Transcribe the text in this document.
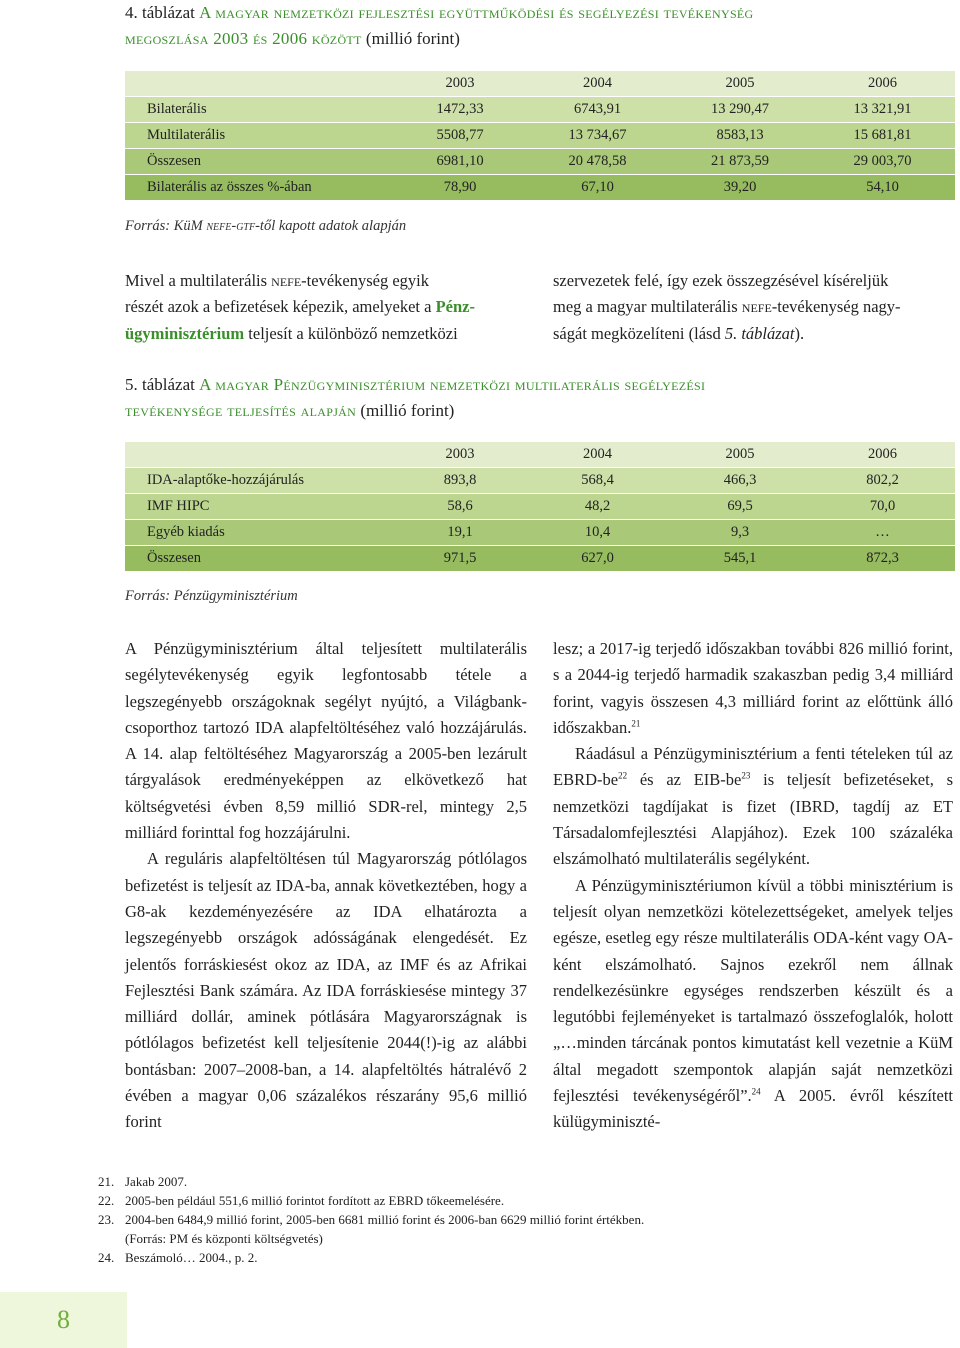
4. táblázat A magyar nemzetközi fejlesztési együttműködési és segélyezési tevékenység
megoszlása 2003 és 2006 között (millió forint)
	2003	2004	2005	2006
Bilaterális	1472,33	6743,91	13 290,47	13 321,91
Multilaterális	5508,77	13 734,67	8583,13	15 681,81
Összesen	6981,10	20 478,58	21 873,59	29 003,70
Bilaterális az összes %-ában	78,90	67,10	39,20	54,10
Forrás: KüM nefe-gtf-től kapott adatok alapján
Mivel a multilaterális nefe-tevékenység egyik
részét azok a befizetések képezik, amelyeket a Pénz-
ügyminisztérium teljesít a különböző nemzetközi
szervezetek felé, így ezek összegzésével kíséreljük
meg a magyar multilaterális nefe-tevékenység nagy-
ságát megközelíteni (lásd 5. táblázat).
5. táblázat A magyar Pénzügyminisztérium nemzetközi multilaterális segélyezési
tevékenysége teljesítés alapján (millió forint)
	2003	2004	2005	2006
IDA-alaptőke-hozzájárulás	893,8	568,4	466,3	802,2
IMF HIPC	58,6	48,2	69,5	70,0
Egyéb kiadás	19,1	10,4	9,3	…
Összesen	971,5	627,0	545,1	872,3
Forrás: Pénzügyminisztérium

A Pénzügyminisztérium által teljesített multilaterális segélytevékenység egyik legfontosabb tétele a legszegényebb országoknak segélyt nyújtó, a Világbank-csoporthoz tartozó IDA alapfeltöltéséhez való hozzájárulás. A 14. alap feltöltéséhez Magyarország a 2005-ben lezárult tárgyalások eredményeképpen az elkövetkező hat költségvetési évben 8,59 millió SDR-rel, mintegy 2,5 milliárd forinttal fog hozzájárulni.

A reguláris alapfeltöltésen túl Magyarország pótlólagos befizetést is teljesít az IDA-ba, annak következtében, hogy a G8-ak kezdeményezésére az IDA elhatározta a legszegényebb országok adósságának elengedését. Ez jelentős forráskiesést okoz az IDA, az IMF és az Afrikai Fejlesztési Bank számára. Az IDA forráskiesése mintegy 37 milliárd dollár, aminek pótlására Magyarországnak is pótlólagos befizetést kell teljesítenie 2044(!)-ig az alábbi bontásban: 2007–2008-ban, a 14. alapfeltöltés hátralévő 2 évében a magyar 0,06 százalékos részarány 95,6 millió forint

lesz; a 2017-ig terjedő időszakban további 826 millió forint, s a 2044-ig terjedő harmadik szakaszban pedig 3,4 milliárd forint, vagyis összesen 4,3 milliárd forint az előttünk álló időszakban.$^{21}$

Ráadásul a Pénzügyminisztérium a fenti tételeken túl az EBRD-$be^{22}$ és az EIB-$be^{23}$ is teljesít befizetéseket, s nemzetközi tagdíjakat is fizet (IBRD, tagdíj az ET Társadalomfejlesztési Alapjához). Ezek 100 százaléka elszámolható multilaterális segélyként.

A Pénzügyminisztériumon kívül a többi minisztérium is teljesít olyan nemzetközi kötelezettségeket, amelyek teljes egésze, esetleg egy része multilaterális ODA-ként vagy OA-ként elszámolható. Sajnos ezekről nem állnak rendelkezésünkre egységes rendszerben készült és a legutóbbi fejleményeket is tartalmazó összefoglalók, holott „…minden tárcának pontos kimutatást kell vezetnie a KüM által megadott szempontok alapján saját nemzetközi fejlesztési tevékenységéről”.$^{24}$ A 2005. évről készített külügyminiszté-

21. Jakab 2007.
22. 2005-ben például 551,6 millió forintot fordított az EBRD tőkeemelésére.
23. 2004-ben 6484,9 millió forint, 2005-ben 6681 millió forint és 2006-ban 6629 millió forint értékben.
(Forrás: PM és központi költségvetés)
24. Beszámoló… 2004., p. 2.
8
